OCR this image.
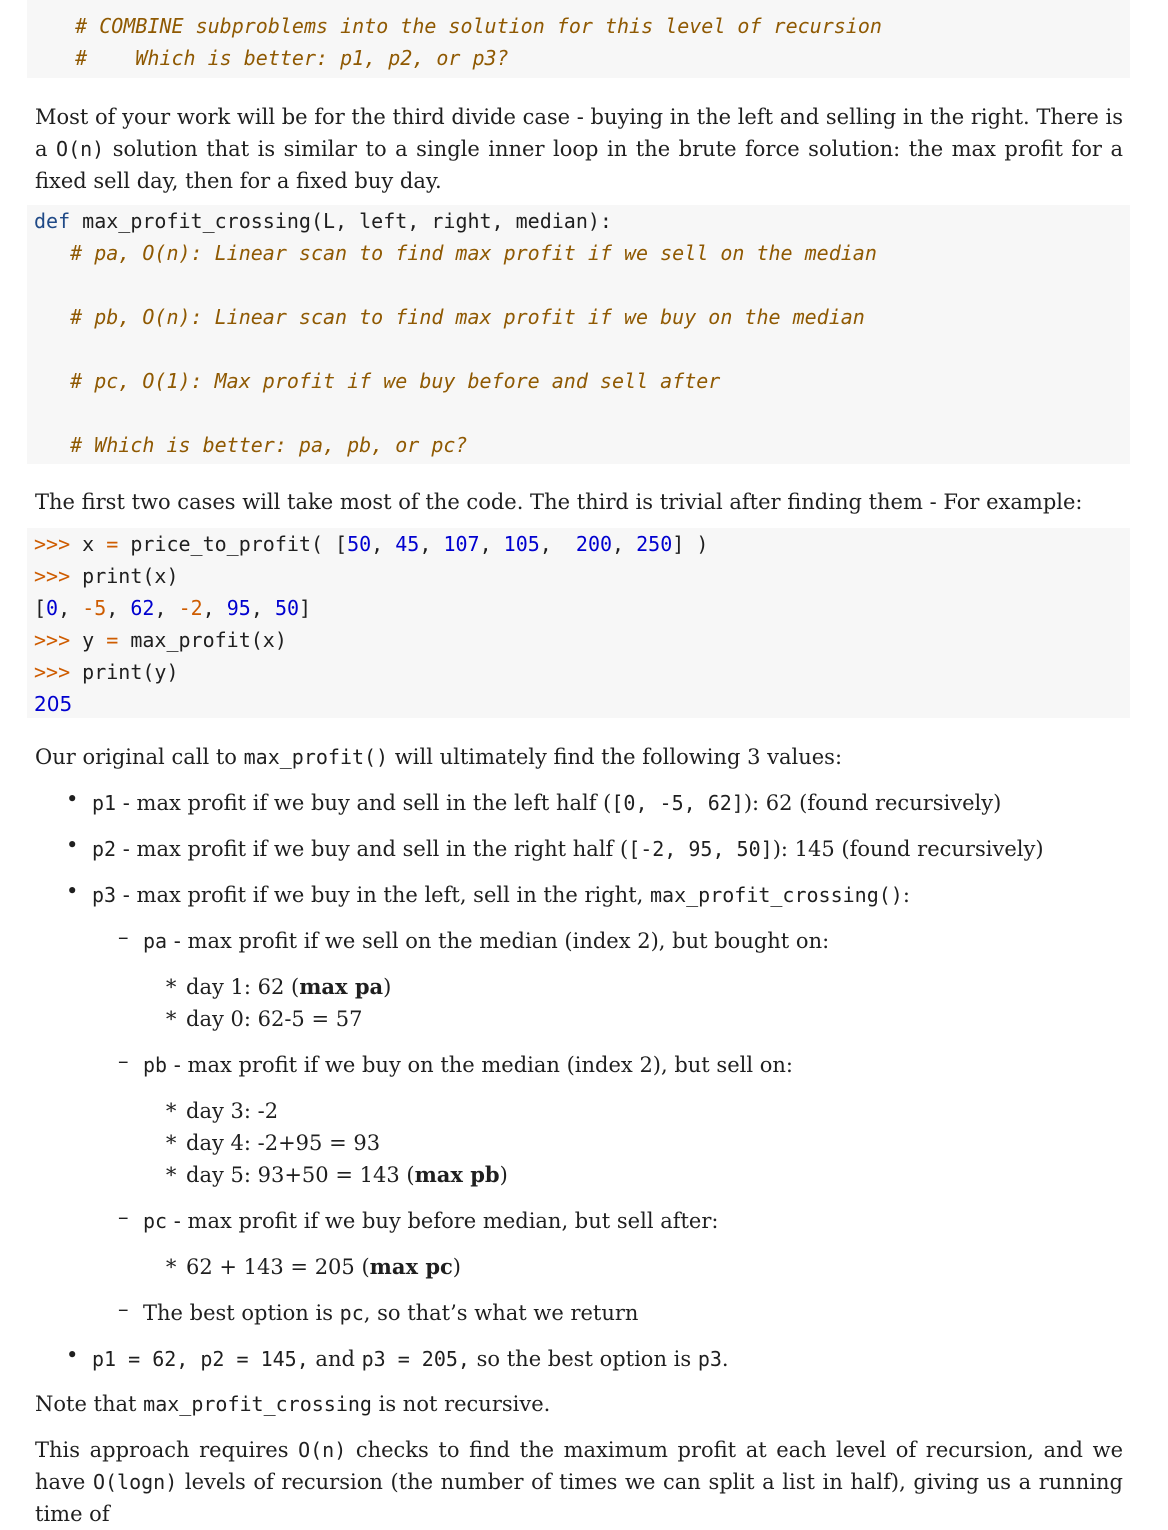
# COMBINE subproblems into the solution for this level of recursion
#    Which is better: p1, p2, or p3?
Most of your work will be for the third divide case - buying in the left and selling in the right. There is a O(n) solution that is similar to a single inner loop in the brute force solution: the max profit for a fixed sell day, then for a fixed buy day.
def max_profit_crossing(L, left, right, median):
# pa, O(n): Linear scan to find max profit if we sell on the median

# pb, O(n): Linear scan to find max profit if we buy on the median

# pc, O(1): Max profit if we buy before and sell after

# Which is better: pa, pb, or pc?
The first two cases will take most of the code. The third is trivial after finding them - For example:
>>> x = price_to_profit( [50, 45, 107, 105,  200, 250] )
>>> print(x)
[0, -5, 62, -2, 95, 50]
>>> y = max_profit(x)
>>> print(y)
205
Our original call to max_profit() will ultimately find the following 3 values:
• p1 - max profit if we buy and sell in the left half ([0, -5, 62]): 62 (found recursively)
• p2 - max profit if we buy and sell in the right half ([-2, 95, 50]): 145 (found recursively)
• p3 - max profit if we buy in the left, sell in the right, max_profit_crossing():
– pa - max profit if we sell on the median (index 2), but bought on:
∗ day 1: 62 (max pa)
∗ day 0: 62-5 = 57
– pb - max profit if we buy on the median (index 2), but sell on:
∗ day 3: -2
∗ day 4: -2+95 = 93
∗ day 5: 93+50 = 143 (max pb)
– pc - max profit if we buy before median, but sell after:
∗ 62 + 143 = 205 (max pc)
– The best option is pc, so that’s what we return
• p1 = 62, p2 = 145, and p3 = 205, so the best option is p3.
Note that max_profit_crossing is not recursive.
This approach requires O(n) checks to find the maximum profit at each level of recursion, and we have O(logn) levels of recursion (the number of times we can split a list in half), giving us a running time of
